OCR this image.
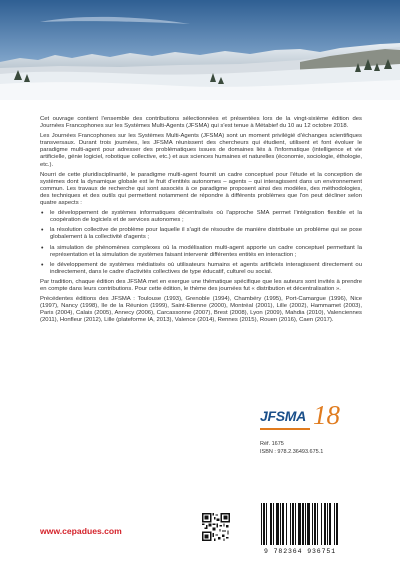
Cet ouvrage contient l'ensemble des contributions sélectionnées et présentées lors de la vingt-sixième édition des Journées Francophones sur les Systèmes Multi-Agents (JFSMA) qui s'est tenue à Métabief du 10 au 12 octobre 2018.

Les Journées Francophones sur les Systèmes Multi-Agents (JFSMA) sont un moment privilégié d'échanges scientifiques transversaux. Durant trois journées, les JFSMA réunissent des chercheurs qui étudient, utilisent et font évoluer le paradigme multi-agent pour adresser des problématiques issues de domaines liés à l'informatique (intelligence et vie artificielle, génie logiciel, robotique collective, etc.) et aux sciences humaines et naturelles (économie, sociologie, éthologie, etc.).

Nourri de cette pluridisciplinarité, le paradigme multi-agent fournit un cadre conceptuel pour l'étude et la conception de systèmes dont la dynamique globale est le fruit d'entités autonomes – agents – qui interagissent dans un environnement commun. Les travaux de recherche qui sont associés à ce paradigme proposent ainsi des modèles, des méthodologies, des techniques et des outils qui permettent notamment de répondre à différents problèmes que l'on peut décliner selon quatre aspects :

• le développement de systèmes informatiques décentralisés où l'approche SMA permet l'intégration flexible et la coopération de logiciels et de services autonomes ;
• la résolution collective de problème pour laquelle il s'agit de résoudre de manière distribuée un problème qui se pose globalement à la collectivité d'agents ;
• la simulation de phénomènes complexes où la modélisation multi-agent apporte un cadre conceptuel permettant la représentation et la simulation de systèmes faisant intervenir différentes entités en interaction ;
• le développement de systèmes médiatisés où utilisateurs humains et agents artificiels interagissent directement ou indirectement, dans le cadre d'activités collectives de type éducatif, culturel ou social.

Par tradition, chaque édition des JFSMA met en exergue une thématique spécifique que les auteurs sont invités à prendre en compte dans leurs contributions. Pour cette édition, le thème des journées fut « distribution et décentralisation ».

Précédentes éditions des JFSMA : Toulouse (1993), Grenoble (1994), Chambéry (1995), Port-Camargue (1996), Nice (1997), Nancy (1998), Ile de la Réunion (1999), Saint-Etienne (2000), Montréal (2001), Lille (2002), Hammamet (2003), Paris (2004), Calais (2005), Annecy (2006), Carcassonne (2007), Brest (2008), Lyon (2009), Mahdia (2010), Valenciennes (2011), Honfleur (2012), Lille (plateforme IA, 2013), Valence (2014), Rennes (2015), Rouen (2016), Caen (2017).

JFSMA 18
Réf. 1675
ISBN : 978.2.36493.675.1
9 782364 936751
www.cepadues.com
